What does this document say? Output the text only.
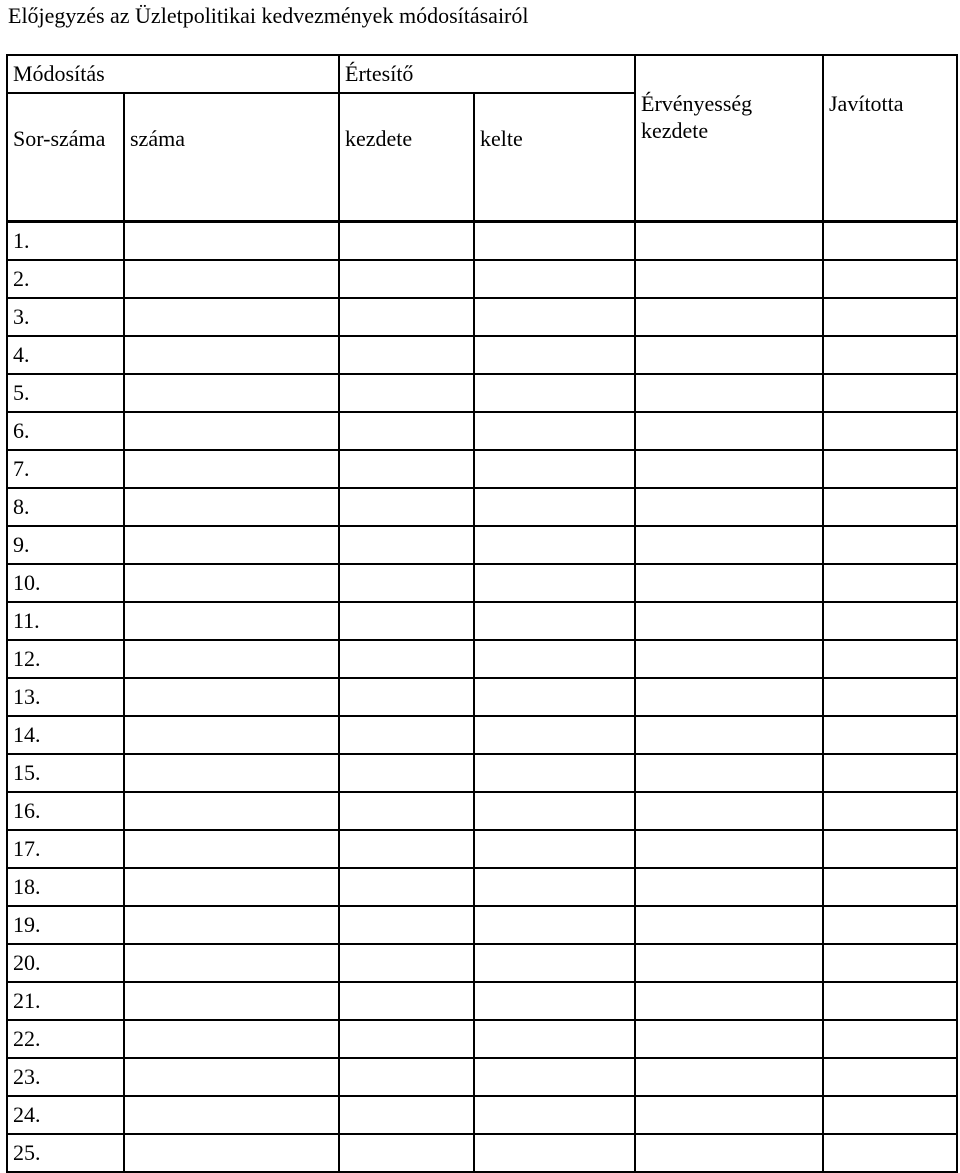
Előjegyzés az Üzletpolitikai kedvezmények módosításairól
Módosítás		Értesítő		Érvényesség kezdete	Javította
Sor-száma	száma	kezdete	kelte		
1.					
2.					
3.					
4.					
5.					
6.					
7.					
8.					
9.					
10.					
11.					
12.					
13.					
14.					
15.					
16.					
17.					
18.					
19.					
20.					
21.					
22.					
23.					
24.					
25.					
